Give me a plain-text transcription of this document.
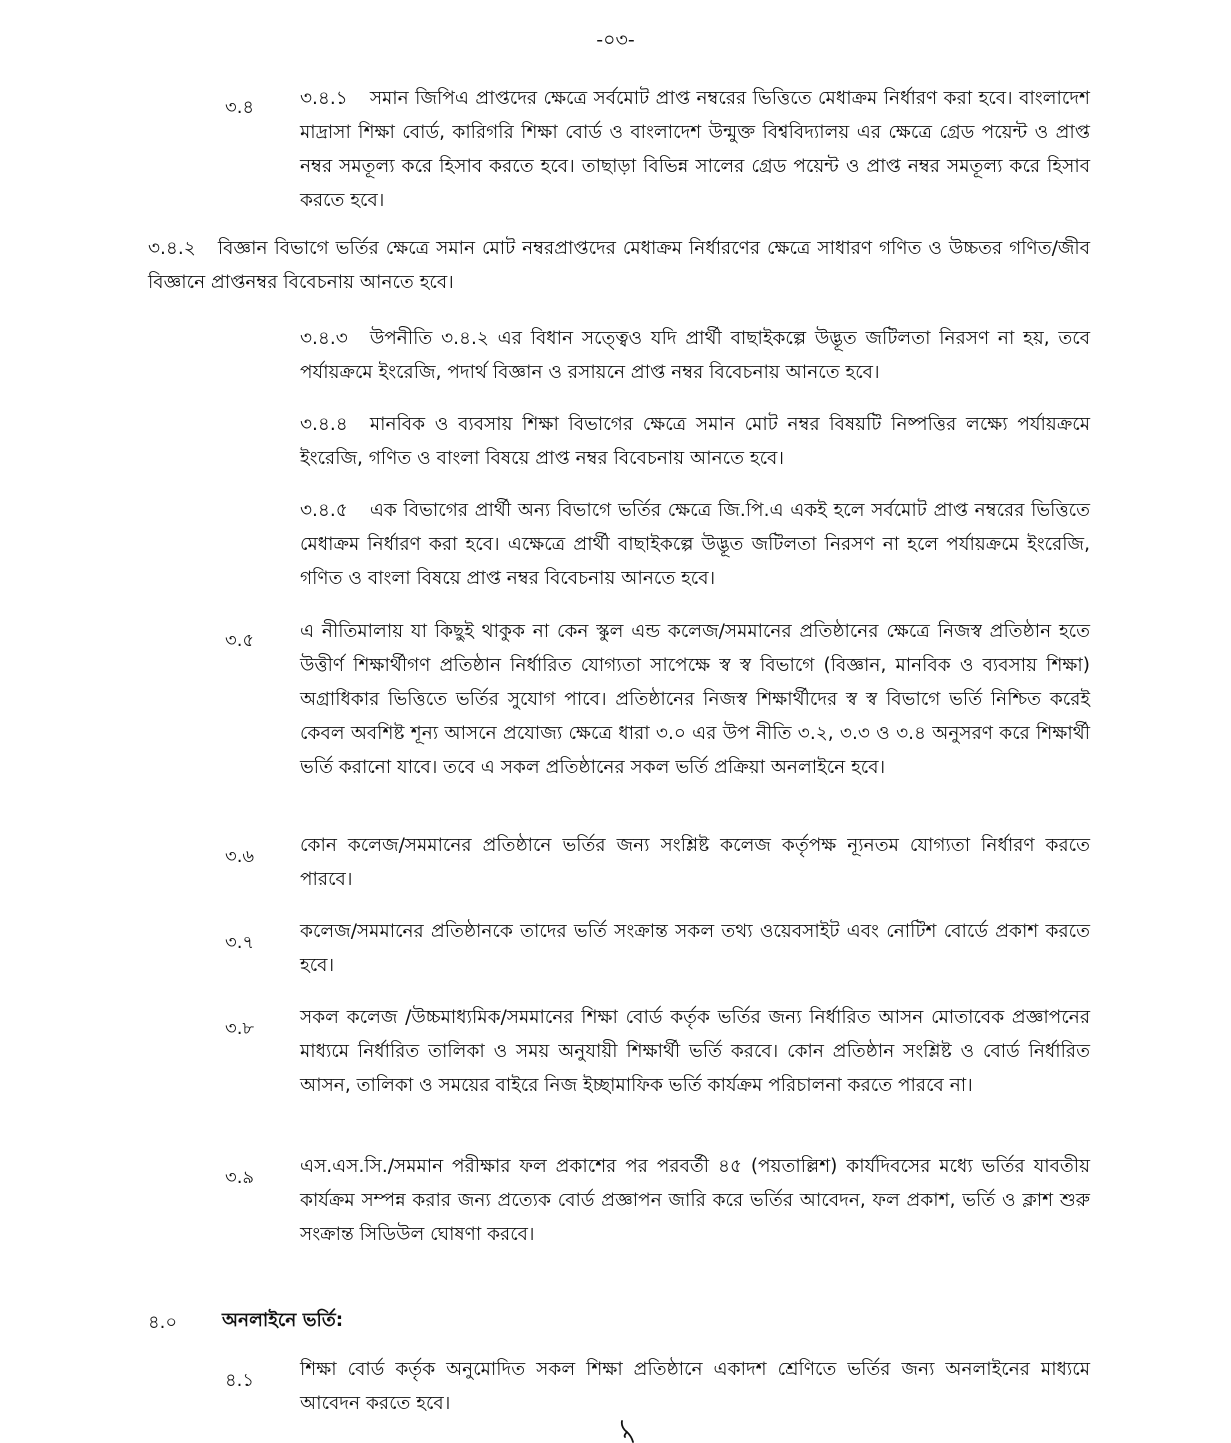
-০৩-
৩.৪ ৩.৪.১ সমান জিপিএ প্রাপ্তদের ক্ষেত্রে সর্বমোট প্রাপ্ত নম্বরের ভিত্তিতে মেধাক্রম নির্ধারণ করা হবে। বাংলাদেশ মাদ্রাসা শিক্ষা বোর্ড, কারিগরি শিক্ষা বোর্ড ও বাংলাদেশ উন্মুক্ত বিশ্ববিদ্যালয় এর ক্ষেত্রে গ্রেড পয়েন্ট ও প্রাপ্ত নম্বর সমতূল্য করে হিসাব করতে হবে। তাছাড়া বিভিন্ন সালের গ্রেড পয়েন্ট ও প্রাপ্ত নম্বর সমতূল্য করে হিসাব করতে হবে।
৩.৪.২ বিজ্ঞান বিভাগে ভর্তির ক্ষেত্রে সমান মোট নম্বরপ্রাপ্তদের মেধাক্রম নির্ধারণের ক্ষেত্রে সাধারণ গণিত ও উচ্চতর গণিত/জীব বিজ্ঞানে প্রাপ্তনম্বর বিবেচনায় আনতে হবে।
৩.৪.৩ উপনীতি ৩.৪.২ এর বিধান সত্ত্বেও যদি প্রার্থী বাছাইকল্পে উদ্ভূত জটিলতা নিরসণ না হয়, তবে পর্যায়ক্রমে ইংরেজি, পদার্থ বিজ্ঞান ও রসায়নে প্রাপ্ত নম্বর বিবেচনায় আনতে হবে।
৩.৪.৪ মানবিক ও ব্যবসায় শিক্ষা বিভাগের ক্ষেত্রে সমান মোট নম্বর বিষয়টি নিষ্পত্তির লক্ষ্যে পর্যায়ক্রমে ইংরেজি, গণিত ও বাংলা বিষয়ে প্রাপ্ত নম্বর বিবেচনায় আনতে হবে।
৩.৪.৫ এক বিভাগের প্রার্থী অন্য বিভাগে ভর্তির ক্ষেত্রে জি.পি.এ একই হলে সর্বমোট প্রাপ্ত নম্বরের ভিত্তিতে মেধাক্রম নির্ধারণ করা হবে। এক্ষেত্রে প্রার্থী বাছাইকল্পে উদ্ভূত জটিলতা নিরসণ না হলে পর্যায়ক্রমে ইংরেজি, গণিত ও বাংলা বিষয়ে প্রাপ্ত নম্বর বিবেচনায় আনতে হবে।
৩.৫ এ নীতিমালায় যা কিছুই থাকুক না কেন স্কুল এন্ড কলেজ/সমমানের প্রতিষ্ঠানের ক্ষেত্রে নিজস্ব প্রতিষ্ঠান হতে উত্তীর্ণ শিক্ষার্থীগণ প্রতিষ্ঠান নির্ধারিত যোগ্যতা সাপেক্ষে স্ব স্ব বিভাগে (বিজ্ঞান, মানবিক ও ব্যবসায় শিক্ষা) অগ্রাধিকার ভিত্তিতে ভর্তির সুযোগ পাবে। প্রতিষ্ঠানের নিজস্ব শিক্ষার্থীদের স্ব স্ব বিভাগে ভর্তি নিশ্চিত করেই কেবল অবশিষ্ট শূন্য আসনে প্রযোজ্য ক্ষেত্রে ধারা ৩.০ এর উপ নীতি ৩.২, ৩.৩ ও ৩.৪ অনুসরণ করে শিক্ষার্থী ভর্তি করানো যাবে। তবে এ সকল প্রতিষ্ঠানের সকল ভর্তি প্রক্রিয়া অনলাইনে হবে।
৩.৬
কোন কলেজ/সমমানের প্রতিষ্ঠানে ভর্তির জন্য সংশ্লিষ্ট কলেজ কর্তৃপক্ষ ন্যূনতম যোগ্যতা নির্ধারণ করতে পারবে।
৩.৭
কলেজ/সমমানের প্রতিষ্ঠানকে তাদের ভর্তি সংক্রান্ত সকল তথ্য ওয়েবসাইট এবং নোটিশ বোর্ডে প্রকাশ করতে হবে।
৩.৮
সকল কলেজ /উচ্চমাধ্যমিক/সমমানের শিক্ষা বোর্ড কর্তৃক ভর্তির জন্য নির্ধারিত আসন মোতাবেক প্রজ্ঞাপনের মাধ্যমে নির্ধারিত তালিকা ও সময় অনুযায়ী শিক্ষার্থী ভর্তি করবে। কোন প্রতিষ্ঠান সংশ্লিষ্ট ও বোর্ড নির্ধারিত আসন, তালিকা ও সময়ের বাইরে নিজ ইচ্ছামাফিক ভর্তি কার্যক্রম পরিচালনা করতে পারবে না।
৩.৯
এস.এস.সি./সমমান পরীক্ষার ফল প্রকাশের পর পরবর্তী ৪৫ (পয়তাল্লিশ) কার্যদিবসের মধ্যে ভর্তির যাবতীয় কার্যক্রম সম্পন্ন করার জন্য প্রত্যেক বোর্ড প্রজ্ঞাপন জারি করে ভর্তির আবেদন, ফল প্রকাশ, ভর্তি ও ক্লাশ শুরু সংক্রান্ত সিডিউল ঘোষণা করবে।
৪.০ অনলাইনে ভর্তি:
৪.১
শিক্ষা বোর্ড কর্তৃক অনুমোদিত সকল শিক্ষা প্রতিষ্ঠানে একাদশ শ্রেণিতে ভর্তির জন্য অনলাইনের মাধ্যমে আবেদন করতে হবে।
